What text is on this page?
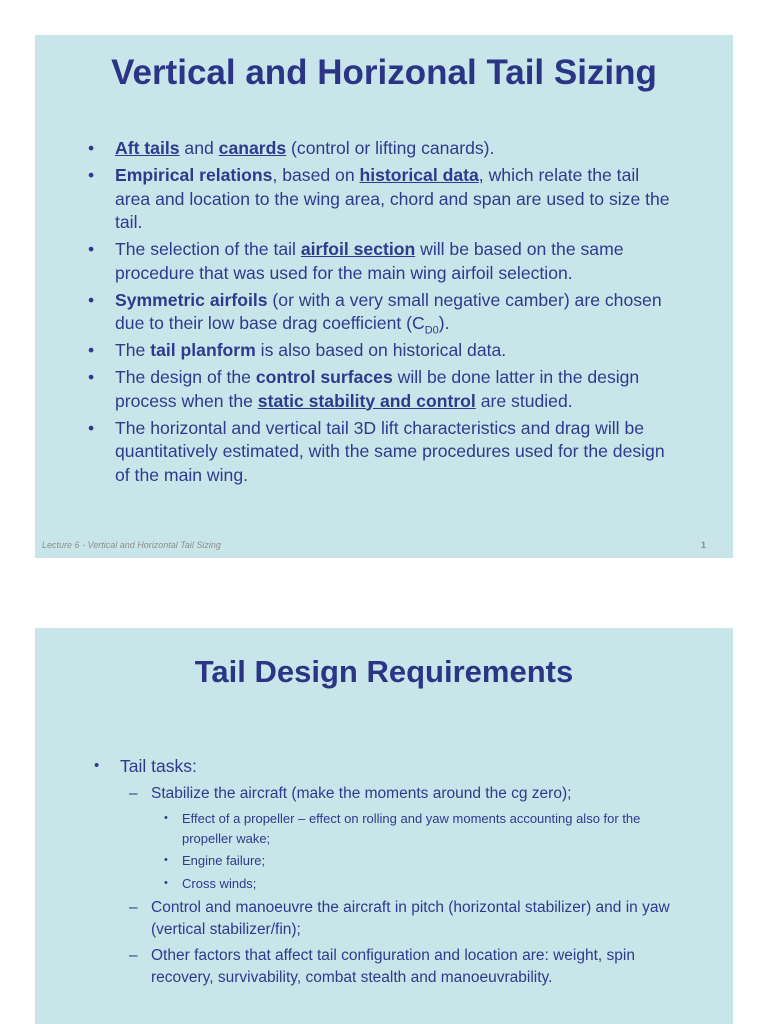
Vertical and Horizonal Tail Sizing
• Aft tails and canards (control or lifting canards).
• Empirical relations, based on historical data, which relate the tail area and location to the wing area, chord and span are used to size the tail.
• The selection of the tail airfoil section will be based on the same procedure that was used for the main wing airfoil selection.
• Symmetric airfoils (or with a very small negative camber) are chosen due to their low base drag coefficient $(C_{D0})$.
• The tail planform is also based on historical data.
• The design of the control surfaces will be done latter in the design process when the static stability and control are studied.
• The horizontal and vertical tail 3D lift characteristics and drag will be quantitatively estimated, with the same procedures used for the design of the main wing.
Lecture 6 - Vertical and Horizontal Tail Sizing	1
Tail Design Requirements
• Tail tasks:
– Stabilize the aircraft (make the moments around the cg zero);
• Effect of a propeller – effect on rolling and yaw moments accounting also for the propeller wake;
• Engine failure;
• Cross winds;
– Control and manoeuvre the aircraft in pitch (horizontal stabilizer) and in yaw (vertical stabilizer/fin);
– Other factors that affect tail configuration and location are: weight, spin recovery, survivability, combat stealth and manoeuvrability.
